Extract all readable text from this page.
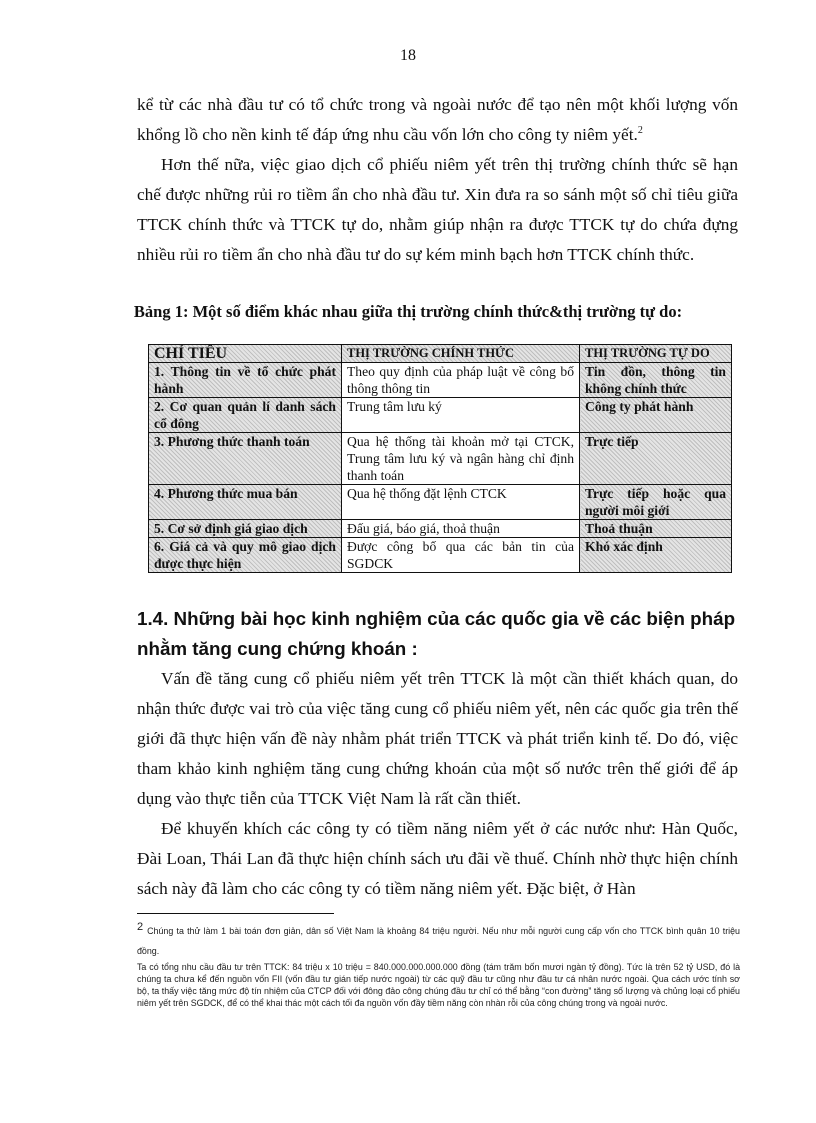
18

kể từ các nhà đầu tư có tổ chức trong và ngoài nước để tạo nên một khối lượng vốn khổng lồ cho nền kinh tế đáp ứng nhu cầu vốn lớn cho công ty niêm yết.$^2$

Hơn thế nữa, việc giao dịch cổ phiếu niêm yết trên thị trường chính thức sẽ hạn chế được những rủi ro tiềm ẩn cho nhà đầu tư. Xin đưa ra so sánh một số chỉ tiêu giữa TTCK chính thức và TTCK tự do, nhằm giúp nhận ra được TTCK tự do chứa đựng nhiều rủi ro tiềm ẩn cho nhà đầu tư do sự kém minh bạch hơn TTCK chính thức.

Bảng 1: Một số điểm khác nhau giữa thị trường chính thức&thị trường tự do:
CHỈ TIÊU	THỊ TRƯỜNG CHÍNH THỨC	THỊ TRƯỜNG TỰ DO
1. Thông tin về tổ chức phát hành	Theo quy định của pháp luật về công bố thông thông tin	Tin đồn, thông tin không chính thức
2. Cơ quan quản lí danh sách cổ đông	Trung tâm lưu ký	Công ty phát hành
3. Phương thức thanh toán	Qua hệ thống tài khoản mở tại CTCK, Trung tâm lưu ký và ngân hàng chỉ định thanh toán	Trực tiếp
4. Phương thức mua bán	Qua hệ thống đặt lệnh CTCK	Trực tiếp hoặc qua người môi giới
5. Cơ sở định giá giao dịch	Đấu giá, báo giá, thoả thuận	Thoả thuận
6. Giá cả và quy mô giao dịch được thực hiện	Được công bố qua các bản tin của SGDCK	Khó xác định
1.4. Những bài học kinh nghiệm của các quốc gia về các biện pháp nhằm tăng cung chứng khoán :

Vấn đề tăng cung cổ phiếu niêm yết trên TTCK là một cần thiết khách quan, do nhận thức được vai trò của việc tăng cung cổ phiếu niêm yết, nên các quốc gia trên thế giới đã thực hiện vấn đề này nhằm phát triển TTCK và phát triển kinh tế. Do đó, việc tham khảo kinh nghiệm tăng cung chứng khoán của một số nước trên thế giới để áp dụng vào thực tiễn của TTCK Việt Nam là rất cần thiết.

Để khuyến khích các công ty có tiềm năng niêm yết ở các nước như: Hàn Quốc, Đài Loan, Thái Lan đã thực hiện chính sách ưu đãi về thuế. Chính nhờ thực hiện chính sách này đã làm cho các công ty có tiềm năng niêm yết. Đặc biệt, ở Hàn

2 Chúng ta thử làm 1 bài toán đơn giản, dân số Việt Nam là khoảng 84 triệu người. Nếu như mỗi người cung cấp vốn cho TTCK bình quân 10 triệu đồng.

Ta có tổng nhu cầu đầu tư trên TTCK: 84 triệu x 10 triệu = 840.000.000.000.000 đồng (tám trăm bốn mươi ngàn tỷ đồng). Tức là trên 52 tỷ USD, đó là chúng ta chưa kể đến nguồn vốn FII (vốn đầu tư gián tiếp nước ngoài) từ các quỹ đầu tư cũng như đầu tư cá nhân nước ngoài. Qua cách ước tính sơ bộ, ta thấy việc tăng mức độ tín nhiệm của CTCP đối với đông đảo công chúng đầu tư chỉ có thể bằng “con đường” tăng số lượng và chủng loại cổ phiếu niêm yết trên SGDCK, để có thể khai thác một cách tối đa nguồn vốn đầy tiềm năng còn nhàn rỗi của công chúng trong và ngoài nước.
